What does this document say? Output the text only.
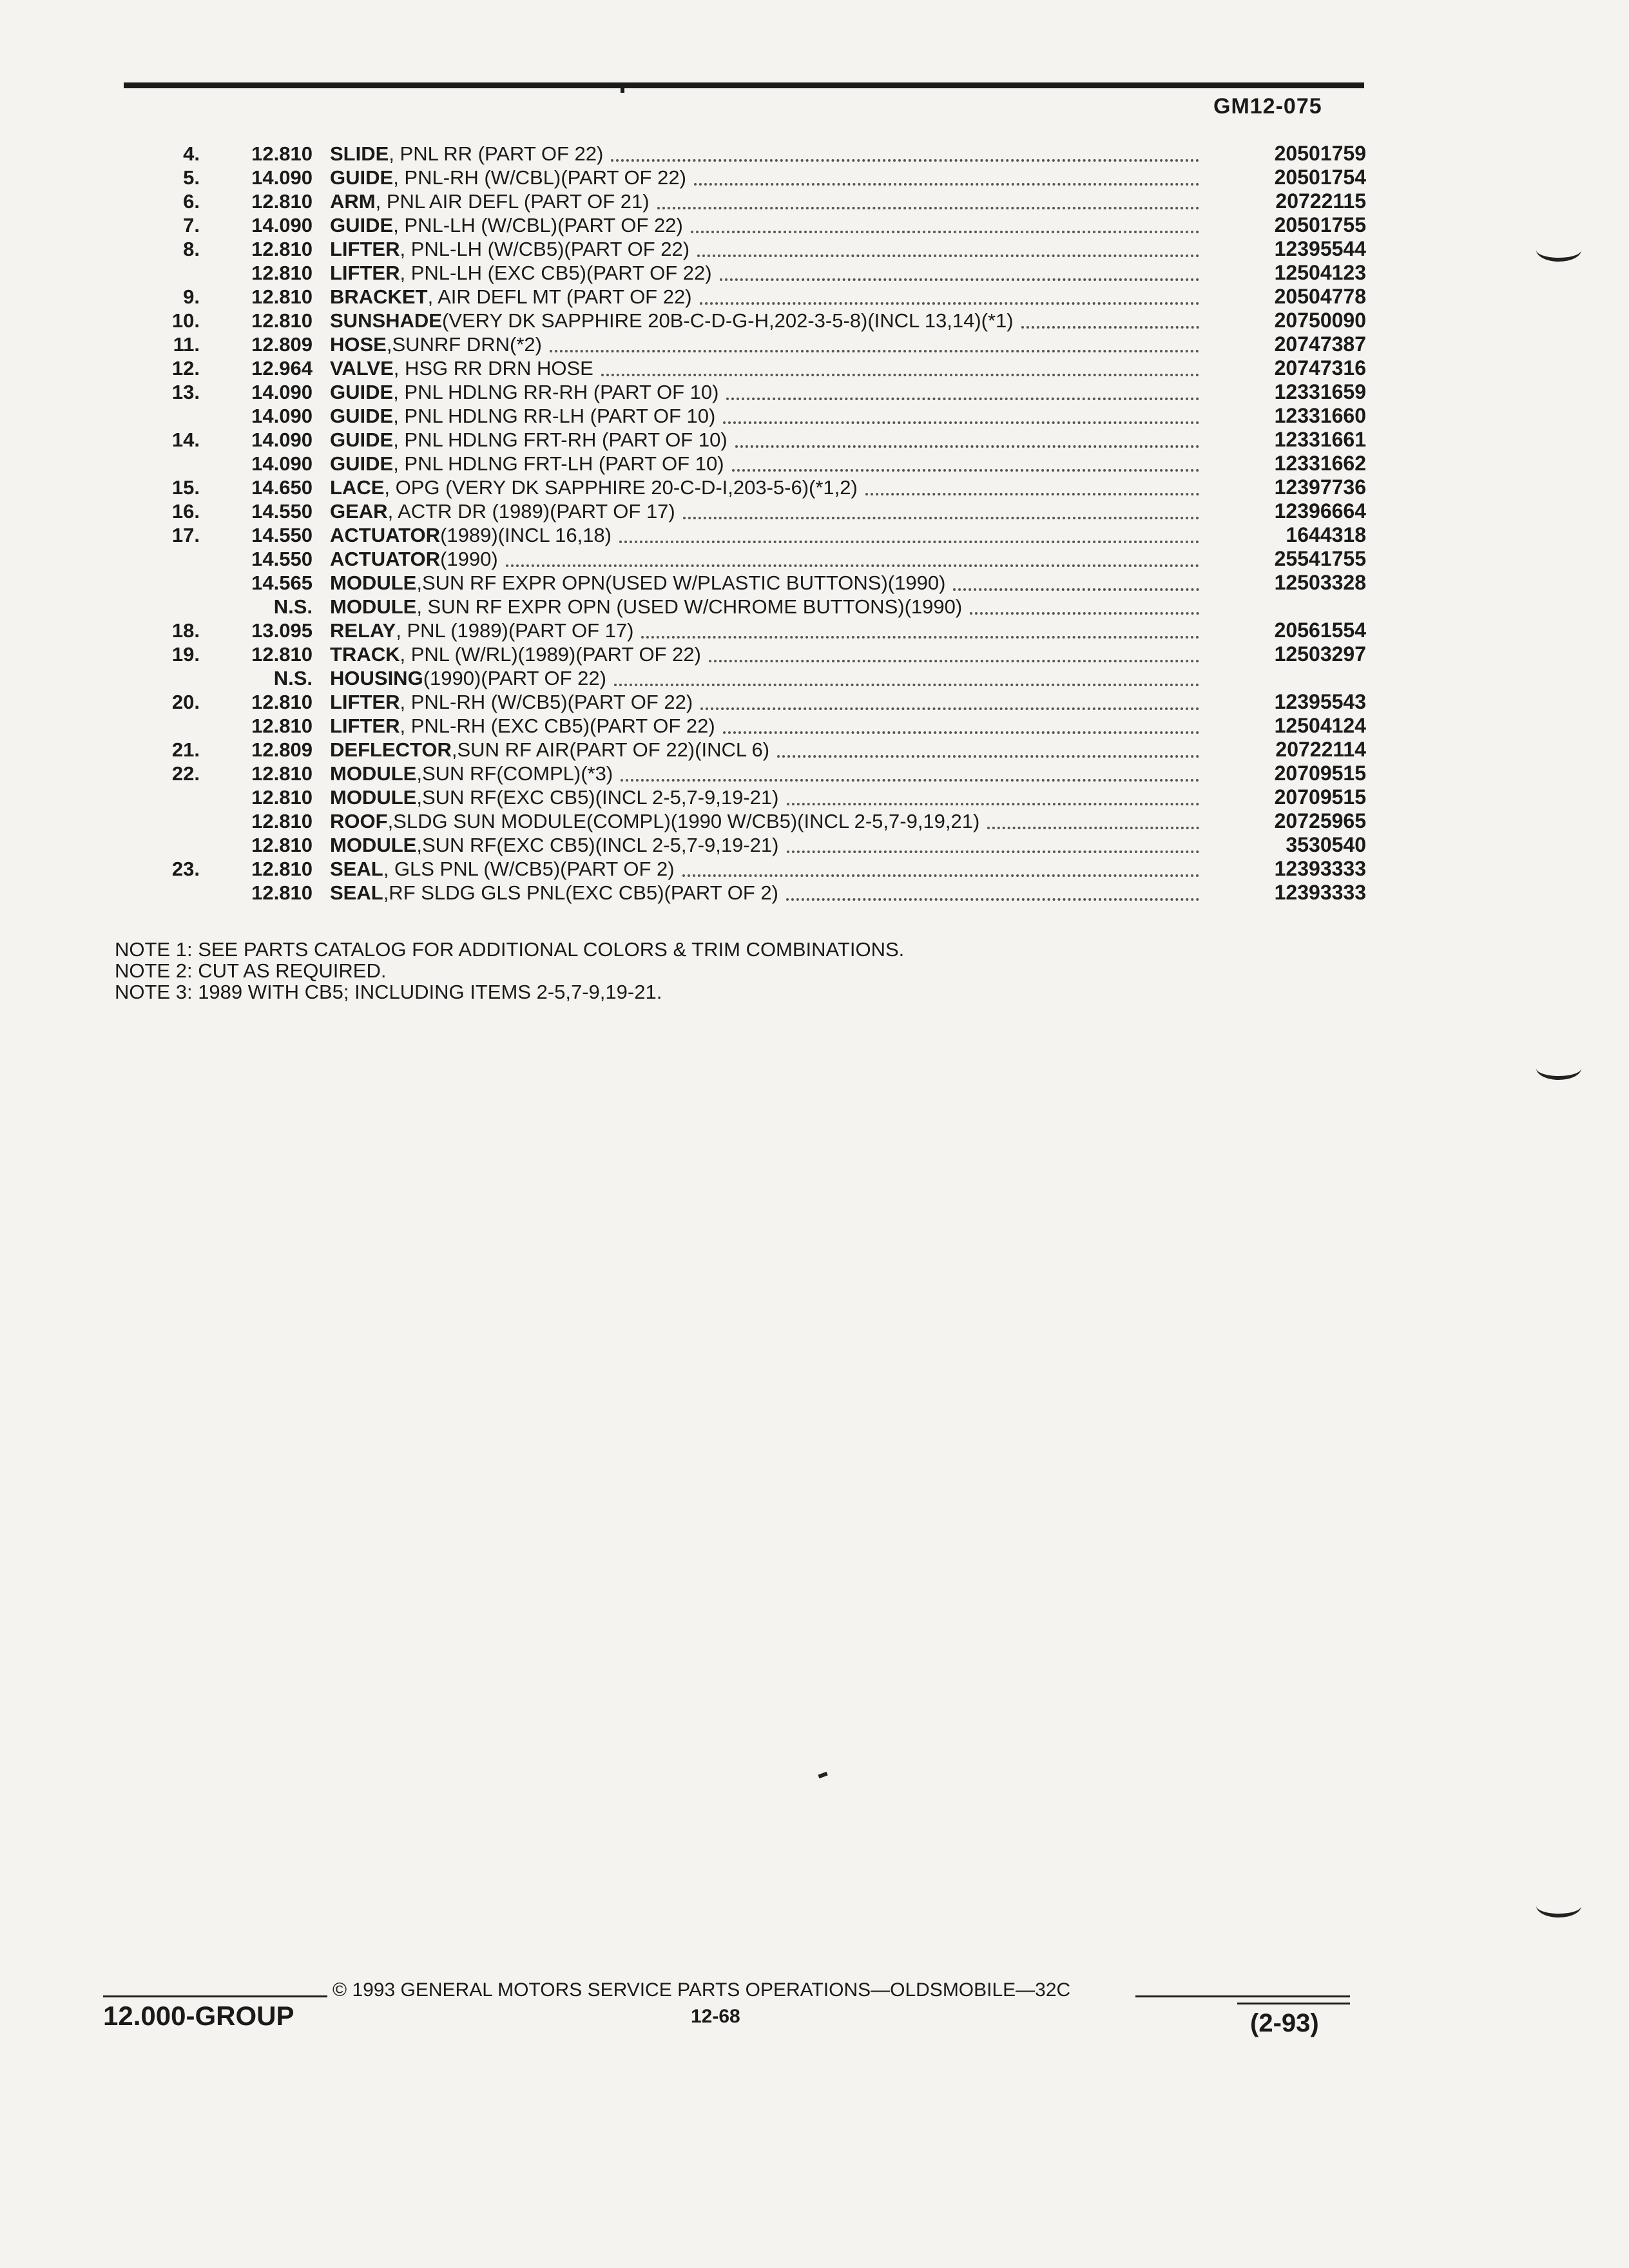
GM12-075
4.	12.810 SLIDE , PNL RR (PART OF 22)	20501759
5.	14.090 GUIDE , PNL-RH (W/CBL)(PART OF 22)	20501754
6.	12.810 ARM , PNL AIR DEFL (PART OF 21)	20722115
7.	14.090 GUIDE , PNL-LH (W/CBL)(PART OF 22)	20501755
8.	12.810 LIFTER , PNL-LH (W/CB5)(PART OF 22)	12395544
12.810 LIFTER , PNL-LH (EXC CB5)(PART OF 22)	12504123
9.	12.810 BRACKET , AIR DEFL MT (PART OF 22)	20504778
10.	12.810 SUNSHADE (VERY DK SAPPHIRE 20B-C-D-G-H,202-3-5-8)(INCL 13,14)(*1)	20750090
11.	12.809 HOSE ,SUNRF DRN(*2)	20747387
12.	12.964 VALVE , HSG RR DRN HOSE	20747316
13.	14.090 GUIDE , PNL HDLNG RR-RH (PART OF 10)	12331659
14.090 GUIDE , PNL HDLNG RR-LH (PART OF 10)	12331660
14.	14.090 GUIDE , PNL HDLNG FRT-RH (PART OF 10)	12331661
14.090 GUIDE , PNL HDLNG FRT-LH (PART OF 10)	12331662
15.	14.650 LACE , OPG (VERY DK SAPPHIRE 20-C-D-I,203-5-6)(*1,2)	12397736
16.	14.550 GEAR , ACTR DR (1989)(PART OF 17)	12396664
17.	14.550 ACTUATOR (1989)(INCL 16,18)	1644318
14.550 ACTUATOR (1990)	25541755
14.565 MODULE ,SUN RF EXPR OPN(USED W/PLASTIC BUTTONS)(1990)	12503328
N.S. MODULE , SUN RF EXPR OPN (USED W/CHROME BUTTONS)(1990)
18.	13.095 RELAY , PNL (1989)(PART OF 17)	20561554
19.	12.810 TRACK , PNL (W/RL)(1989)(PART OF 22)	12503297
N.S. HOUSING (1990)(PART OF 22)
20.	12.810 LIFTER , PNL-RH (W/CB5)(PART OF 22)	12395543
12.810 LIFTER , PNL-RH (EXC CB5)(PART OF 22)	12504124
21.	12.809 DEFLECTOR ,SUN RF AIR(PART OF 22)(INCL 6)	20722114
22.	12.810 MODULE ,SUN RF(COMPL)(*3)	20709515
12.810 MODULE ,SUN RF(EXC CB5)(INCL 2-5,7-9,19-21)	20709515
12.810 ROOF ,SLDG SUN MODULE(COMPL)(1990 W/CB5)(INCL 2-5,7-9,19,21)	20725965
12.810 MODULE ,SUN RF(EXC CB5)(INCL 2-5,7-9,19-21)	3530540
23.	12.810 SEAL , GLS PNL (W/CB5)(PART OF 2)	12393333
12.810 SEAL ,RF SLDG GLS PNL(EXC CB5)(PART OF 2)	12393333
NOTE 1: SEE PARTS CATALOG FOR ADDITIONAL COLORS & TRIM COMBINATIONS.
NOTE 2: CUT AS REQUIRED.
NOTE 3: 1989 WITH CB5; INCLUDING ITEMS 2-5,7-9,19-21.
12.000-GROUP
© 1993 GENERAL MOTORS SERVICE PARTS OPERATIONS—OLDSMOBILE—32C
12-68	(2-93)
